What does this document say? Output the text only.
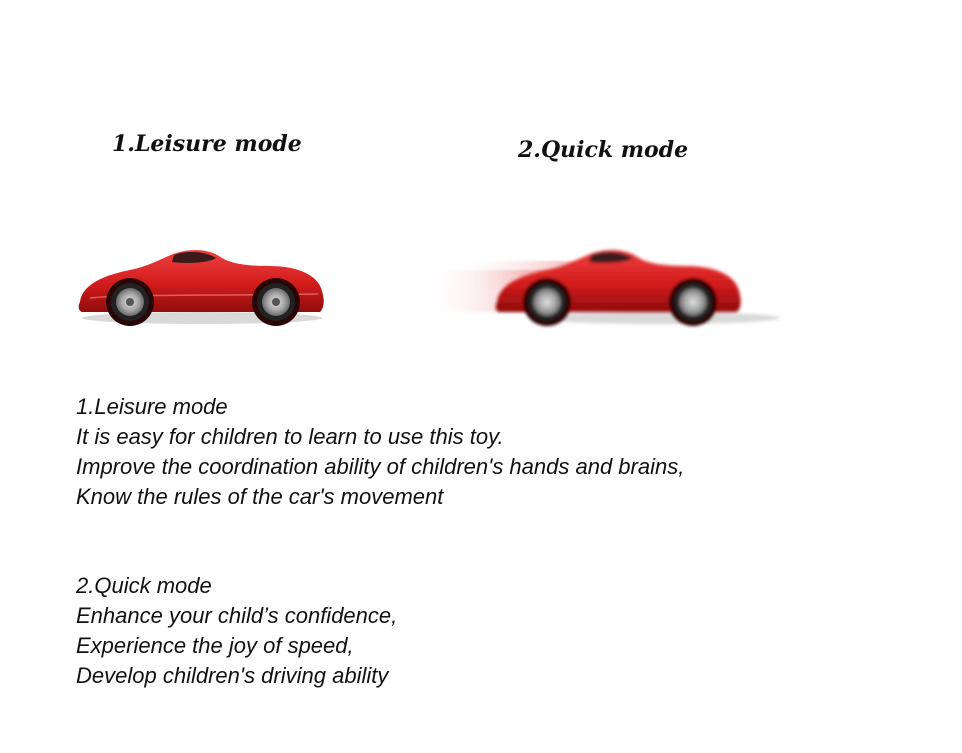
1.Leisure mode	2.Quick mode
1.Leisure mode
It is easy for children to learn to use this toy.
Improve the coordination ability of children's hands and brains,
Know the rules of the car's movement
2.Quick mode
Enhance your child’s confidence,
Experience the joy of speed,
Develop children's driving ability
